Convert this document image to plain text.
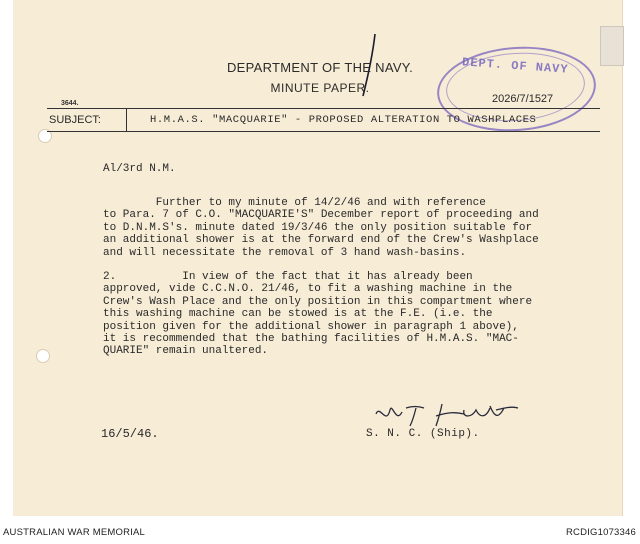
DEPARTMENT OF THE NAVY.
MINUTE PAPER.
3644.	2026/7/1527
DEPT. OF NAVY
SUBJECT:	H.M.A.S. "MACQUARIE" - PROPOSED ALTERATION TO WASHPLACES
Al/3rd N.M.
Further to my minute of 14/2/46 and with reference
to Para. 7 of C.O. "MACQUARIE'S" December report of proceeding and
to D.N.M.S's. minute dated 19/3/46 the only position suitable for
an additional shower is at the forward end of the Crew's Washplace
and will necessitate the removal of 3 hand wash-basins.
2.          In view of the fact that it has already been
approved, vide C.C.N.O. 21/46, to fit a washing machine in the
Crew's Wash Place and the only position in this compartment where
this washing machine can be stowed is at the F.E. (i.e. the
position given for the additional shower in paragraph 1 above),
it is recommended that the bathing facilities of H.M.A.S. "MAC-
QUARIE" remain unaltered.
16/5/46.	S. N. C. (Ship).
AUSTRALIAN WAR MEMORIAL	RCDIG1073346
